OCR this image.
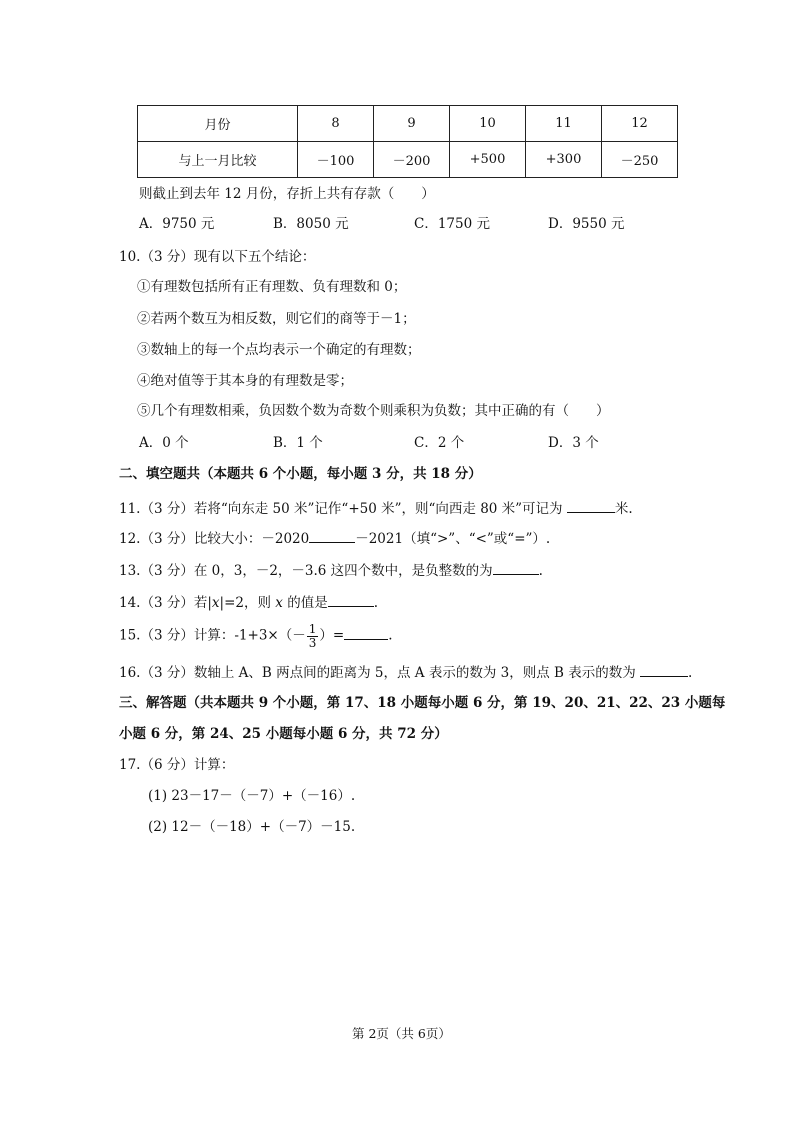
月份	8	9	10	11	12
与上一月比较	－100	－200	+500	+300	－250
则截止到去年 12 月份，存折上共有存款（　　）
A．9750 元	B．8050 元	C．1750 元	D．9550 元
10.（3 分）现有以下五个结论：
①有理数包括所有正有理数、负有理数和 0；
②若两个数互为相反数，则它们的商等于－1；
③数轴上的每一个点均表示一个确定的有理数；
④绝对值等于其本身的有理数是零；
⑤几个有理数相乘，负因数个数为奇数个则乘积为负数；其中正确的有（　　）
A．0 个	B．1 个	C．2 个	D．3 个
二、填空题共（本题共 6 个小题，每小题 3 分，共 18 分）
11.（3 分）若将“向东走 50 米”记作“+50 米”，则“向西走 80 米”可记为	米.
12.（3 分）比较大小：－2020	－2021（填“>”、“<”或“=”）.
13.（3 分）在 0，3，－2，－3.6 这四个数中，是负整数的为	.
14.（3 分）若|x|=2，则 x 的值是	.
15.（3 分）计算：$-1+3\times(- \frac{1}{3}$ ）=	.
16.（3 分）数轴上 A、B 两点间的距离为 5，点 A 表示的数为 3，则点 B 表示的数为	.
三、解答题（共本题共 9 个小题，第 17、18 小题每小题 6 分，第 19、20、21、22、23 小题每
小题 6 分，第 24、25 小题每小题 6 分，共 72 分）
17.（6 分）计算：
(1) 23－17－（－7）+（－16）.
(2) 12－（－18）+（－7）－15.
第 2页（共 6页）
